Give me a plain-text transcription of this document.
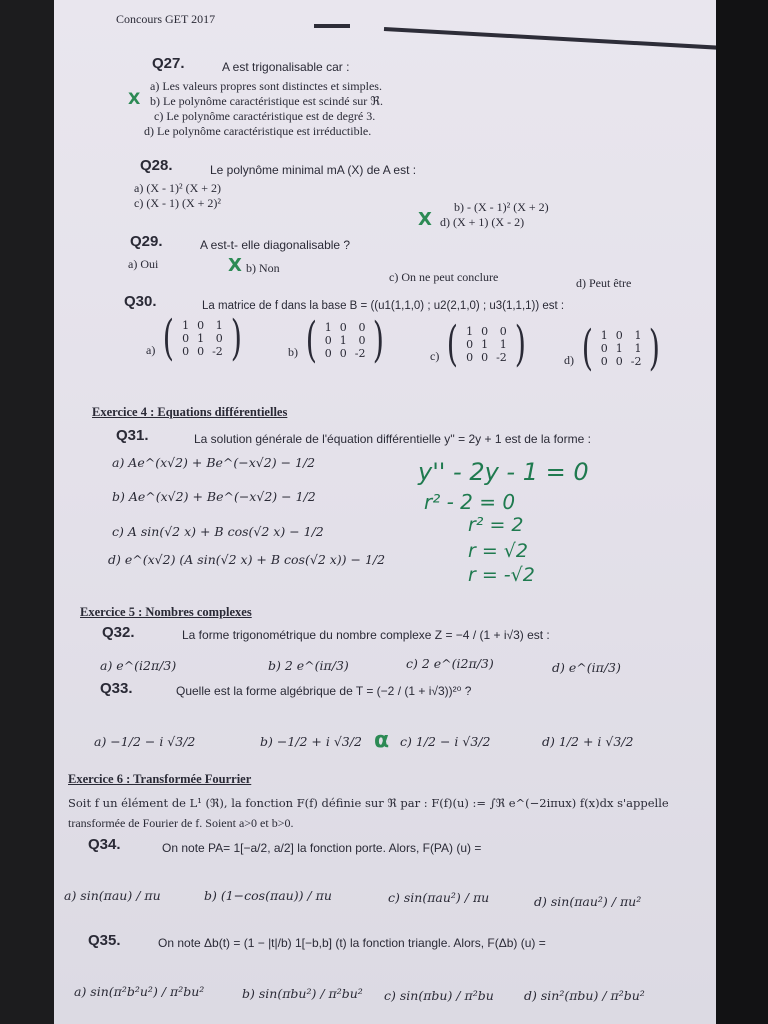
Concours GET 2017
Q27.	A est trigonalisable car :
a) Les valeurs propres sont distinctes et simples.
X b) Le polynôme caractéristique est scindé sur ℜ.
c) Le polynôme caractéristique est de degré 3.
d) Le polynôme caractéristique est irréductible.
Q28.	Le polynôme minimal mA (X) de A est :
a) (X - 1)² (X + 2)
c) (X - 1) (X + 2)²	b) - (X - 1)² (X + 2)
X d) (X + 1) (X - 2)
Q29.	A est-t- elle diagonalisable ?
a) Oui	X b) Non
c) On ne peut conclure	d) Peut être
Q30.	La matrice de f dans la base B = ((u1(1,1,0) ; u2(2,1,0) ; u3(1,1,1)) est :
a) ( 1	0	1
0	1	0
0	0	-2 )	b) ( 1	0	0
0	1	0
0	0	-2 )	c) ( 1	0	0
0	1	1
0	0	-2 )	d) ( 1	0	1
0	1	1
0	0	-2 )
Exercice 4 : Equations différentielles
Q31.	La solution générale de l'équation différentielle y'' = 2y + 1 est de la forme :
a) Ae^(x√2) + Be^(−x√2) − 1/2
b) Ae^(x√2) + Be^(−x√2) − 1/2
c) A sin(√2 x) + B cos(√2 x) − 1/2
d) e^(x√2) (A sin(√2 x) + B cos(√2 x)) − 1/2
y'' - 2y - 1 = 0
r² - 2 = 0
r² = 2
r = √2
r = -√2
Exercice 5 : Nombres complexes
Q32.	La forme trigonométrique du nombre complexe Z = −4 / (1 + i√3) est :
a) e^(i2π/3)	b) 2 e^(iπ/3)	c) 2 e^(i2π/3)	d) e^(iπ/3)
Q33.	Quelle est la forme algébrique de T = (−2 / (1 + i√3))²⁰ ?
a) −1/2 − i √3/2	b) −1/2 + i √3/2 α c) 1/2 − i √3/2	d) 1/2 + i √3/2
Exercice 6 : Transformée Fourrier
Soit f un élément de L¹ (ℜ), la fonction F(f) définie sur ℜ par : F(f)(u) := ∫ℜ e^(−2iπux) f(x)dx s'appelle
transformée de Fourier de f. Soient a>0 et b>0.
Q34.	On note PA= 1[−a/2, a/2] la fonction porte. Alors, F(PA) (u) =
a) sin(πau) / πu	b) (1−cos(πau)) / πu	c) sin(πau²) / πu	d) sin(πau²) / πu²
Q35.	On note Δb(t) = (1 − |t|/b) 1[−b,b] (t) la fonction triangle. Alors, F(Δb) (u) =
a) sin(π²b²u²) / π²bu²	b) sin(πbu²) / π²bu² c) sin(πbu) / π²bu d) sin²(πbu) / π²bu²
